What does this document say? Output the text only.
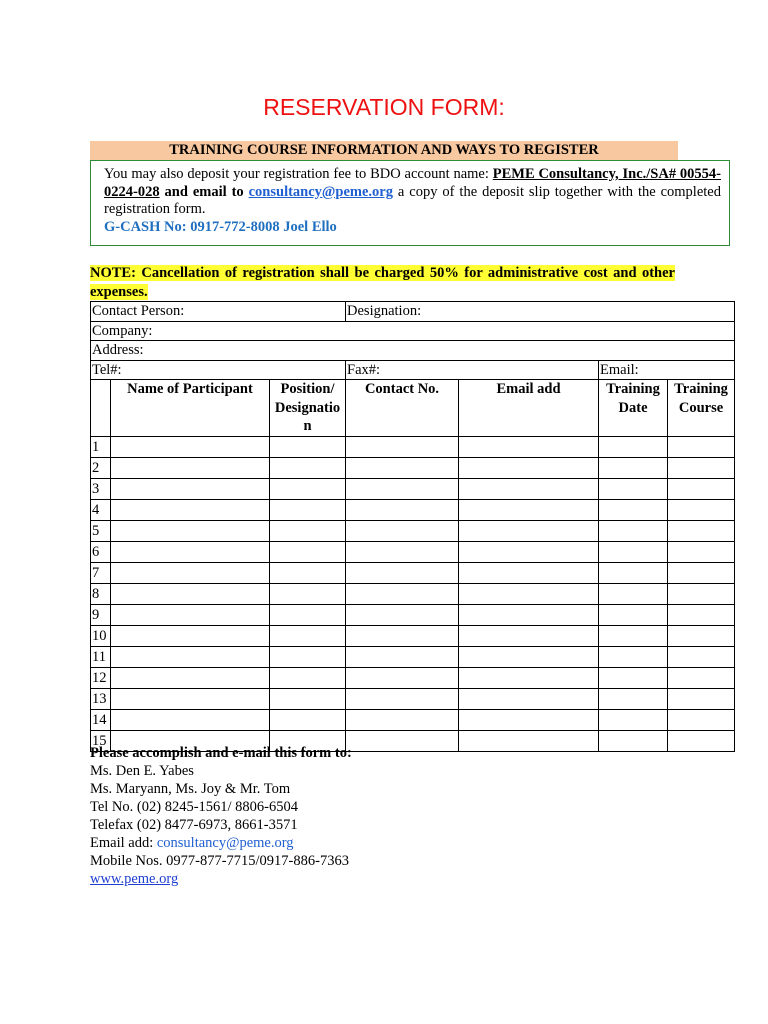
RESERVATION FORM:
TRAINING COURSE INFORMATION AND WAYS TO REGISTER
You may also deposit your registration fee to BDO account name: PEME Consultancy, Inc./SA# 00554-0224-028 and email to consultancy@peme.org a copy of the deposit slip together with the completed registration form.
G-CASH No: 0917-772-8008 Joel Ello
NOTE: Cancellation of registration shall be charged 50% for administrative cost and other expenses.
Contact Person:			Designation:			
Company:						
Address:						
Tel#:			Fax#:		Email:	
	Name of Participant	Position/ Designatio n	Contact No.	Email add	Training Date	Training Course
1						
2						
3						
4						
5						
6						
7						
8						
9						
10						
11						
12						
13						
14						
15						
Please accomplish and e-mail this form to:
Ms. Den E. Yabes
Ms. Maryann, Ms. Joy & Mr. Tom
Tel No. (02) 8245-1561/ 8806-6504
Telefax (02) 8477-6973, 8661-3571
Email add: consultancy@peme.org
Mobile Nos. 0977-877-7715/0917-886-7363
www.peme.org
